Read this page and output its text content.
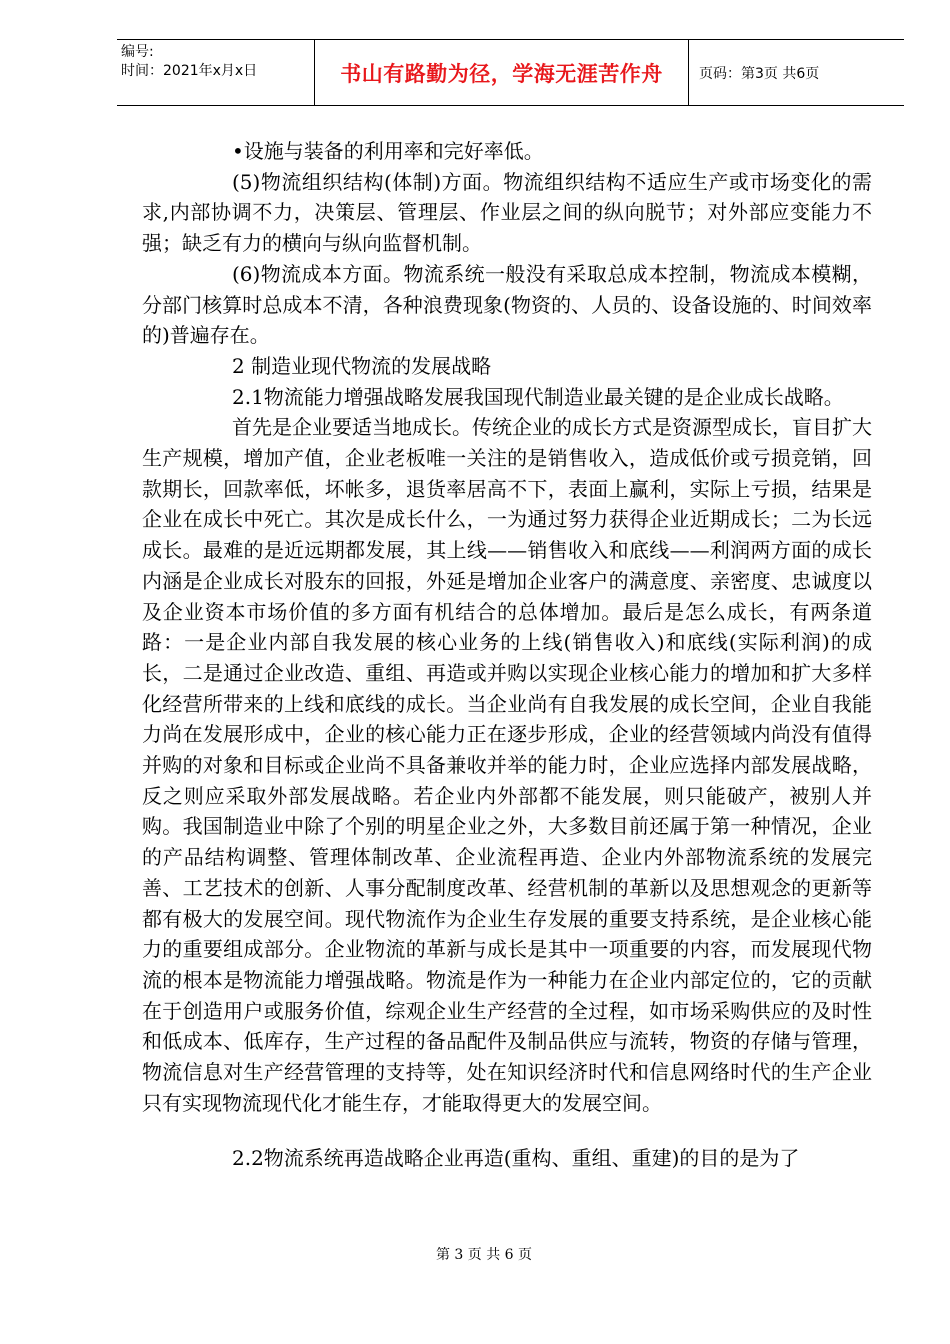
编号:
时间：2021年x月x日	书山有路勤为径，学海无涯苦作舟	页码：第3页 共6页

•设施与装备的利用率和完好率低。

(5)物流组织结构(体制)方面。物流组织结构不适应生产或市场变化的需求,内部协调不力，决策层、管理层、作业层之间的纵向脱节；对外部应变能力不强；缺乏有力的横向与纵向监督机制。

(6)物流成本方面。物流系统一般没有采取总成本控制，物流成本模糊，分部门核算时总成本不清，各种浪费现象(物资的、人员的、设备设施的、时间效率的)普遍存在。

2 制造业现代物流的发展战略

2.1物流能力增强战略发展我国现代制造业最关键的是企业成长战略。

首先是企业要适当地成长。传统企业的成长方式是资源型成长，盲目扩大生产规模，增加产值，企业老板唯一关注的是销售收入，造成低价或亏损竞销，回款期长，回款率低，坏帐多，退货率居高不下，表面上赢利，实际上亏损，结果是企业在成长中死亡。其次是成长什么，一为通过努力获得企业近期成长；二为长远成长。最难的是近远期都发展，其上线——销售收入和底线——利润两方面的成长内涵是企业成长对股东的回报，外延是增加企业客户的满意度、亲密度、忠诚度以及企业资本市场价值的多方面有机结合的总体增加。最后是怎么成长，有两条道路：一是企业内部自我发展的核心业务的上线(销售收入)和底线(实际利润)的成长，二是通过企业改造、重组、再造或并购以实现企业核心能力的增加和扩大多样化经营所带来的上线和底线的成长。当企业尚有自我发展的成长空间，企业自我能力尚在发展形成中，企业的核心能力正在逐步形成，企业的经营领域内尚没有值得并购的对象和目标或企业尚不具备兼收并举的能力时，企业应选择内部发展战略，反之则应采取外部发展战略。若企业内外部都不能发展，则只能破产，被别人并购。我国制造业中除了个别的明星企业之外，大多数目前还属于第一种情况，企业的产品结构调整、管理体制改革、企业流程再造、企业内外部物流系统的发展完善、工艺技术的创新、人事分配制度改革、经营机制的革新以及思想观念的更新等都有极大的发展空间。现代物流作为企业生存发展的重要支持系统，是企业核心能力的重要组成部分。企业物流的革新与成长是其中一项重要的内容，而发展现代物流的根本是物流能力增强战略。物流是作为一种能力在企业内部定位的，它的贡献在于创造用户或服务价值，综观企业生产经营的全过程，如市场采购供应的及时性和低成本、低库存，生产过程的备品配件及制品供应与流转，物资的存储与管理，物流信息对生产经营管理的支持等，处在知识经济时代和信息网络时代的生产企业只有实现物流现代化才能生存，才能取得更大的发展空间。

2.2物流系统再造战略企业再造(重构、重组、重建)的目的是为了

第 3 页 共 6 页
